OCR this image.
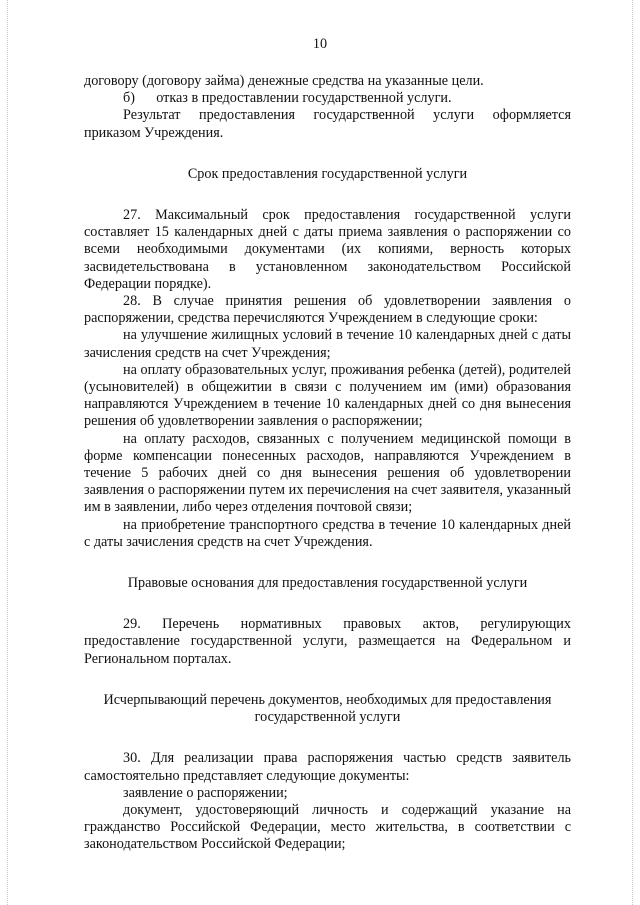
10

договору (договору займа) денежные средства на указанные цели.

б)      отказ в предоставлении государственной услуги.

Результат предоставления государственной услуги оформляется приказом Учреждения.

Срок предоставления государственной услуги

27. Максимальный срок предоставления государственной услуги составляет 15 календарных дней с даты приема заявления о распоряжении со всеми необходимыми документами (их копиями, верность которых засвидетельствована в установленном законодательством Российской Федерации порядке).

28. В случае принятия решения об удовлетворении заявления о распоряжении, средства перечисляются Учреждением в следующие сроки:

на улучшение жилищных условий в течение 10 календарных дней с даты зачисления средств на счет Учреждения;

на оплату образовательных услуг, проживания ребенка (детей), родителей (усыновителей) в общежитии в связи с получением им (ими) образования направляются Учреждением в течение 10 календарных дней со дня вынесения решения об удовлетворении заявления о распоряжении;

на оплату расходов, связанных с получением медицинской помощи в форме компенсации понесенных расходов, направляются Учреждением в течение 5 рабочих дней со дня вынесения решения об удовлетворении заявления о распоряжении путем их перечисления на счет заявителя, указанный им в заявлении, либо через отделения почтовой связи;

на приобретение транспортного средства в течение 10 календарных дней с даты зачисления средств на счет Учреждения.

Правовые основания для предоставления государственной услуги

29. Перечень нормативных правовых актов, регулирующих предоставление государственной услуги, размещается на Федеральном и Региональном порталах.

Исчерпывающий перечень документов, необходимых для предоставления государственной услуги

30. Для реализации права распоряжения частью средств заявитель самостоятельно представляет следующие документы:

заявление о распоряжении;

документ, удостоверяющий личность и содержащий указание на гражданство Российской Федерации, место жительства, в соответствии с законодательством Российской Федерации;
